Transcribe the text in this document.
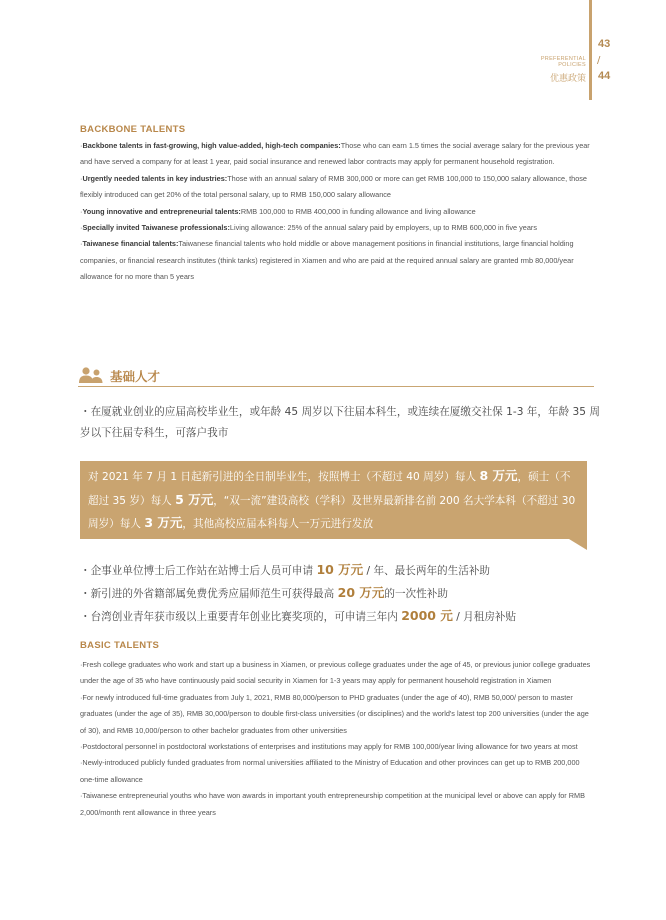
PREFERENTIAL
POLICIES
优惠政策
43
/
44
BACKBONE TALENTS

·Backbone talents in fast-growing, high value-added, high-tech companies:Those who can earn 1.5 times the social average salary for the previous year and have served a company for at least 1 year, paid social insurance and renewed labor contracts may apply for permanent household registration.

·Urgently needed talents in key industries:Those with an annual salary of RMB 300,000 or more can get RMB 100,000 to 150,000 salary allowance, those flexibly introduced can get 20% of the total personal salary, up to RMB 150,000 salary allowance

·Young innovative and entrepreneurial talents:RMB 100,000 to RMB 400,000 in funding allowance and living allowance

·Specially invited Taiwanese professionals:Living allowance: 25% of the annual salary paid by employers, up to RMB 600,000 in five years

·Taiwanese financial talents:Taiwanese financial talents who hold middle or above management positions in financial institutions, large financial holding companies, or financial research institutes (think tanks) registered in Xiamen and who are paid at the required annual salary are granted rmb 80,000/year allowance for no more than 5 years

基础人才
・在厦就业创业的应届高校毕业生，或年龄 45 周岁以下往届本科生，或连续在厦缴交社保 1-3 年，年龄 35 周岁以下往届专科生，可落户我市
对 2021 年 7 月 1 日起新引进的全日制毕业生，按照博士（不超过 40 周岁）每人 8 万元，硕士（不超过 35 岁）每人 5 万元，“双一流”建设高校（学科）及世界最新排名前 200 名大学本科（不超过 30 周岁）每人 3 万元，其他高校应届本科每人一万元进行发放
・企事业单位博士后工作站在站博士后人员可申请 10 万元 / 年、最长两年的生活补助
・新引进的外省籍部属免费优秀应届师范生可获得最高 20 万元的一次性补助
・台湾创业青年获市级以上重要青年创业比赛奖项的，可申请三年内 2000 元 / 月租房补贴
BASIC TALENTS

·Fresh college graduates who work and start up a business in Xiamen, or previous college graduates under the age of 45, or previous junior college graduates under the age of 35 who have continuously paid social security in Xiamen for 1-3 years may apply for permanent household registration in Xiamen

·For newly introduced full-time graduates from July 1, 2021, RMB 80,000/person to PHD graduates (under the age of 40), RMB 50,000/ person to master graduates (under the age of 35), RMB 30,000/person to double first-class universities (or disciplines) and the world's latest top 200 universities (under the age of 30), and RMB 10,000/person to other bachelor graduates from other universities

·Postdoctoral personnel in postdoctoral workstations of enterprises and institutions may apply for RMB 100,000/year living allowance for two years at most

·Newly-introduced publicly funded graduates from normal universities affiliated to the Ministry of Education and other provinces can get up to RMB 200,000 one-time allowance

·Taiwanese entrepreneurial youths who have won awards in important youth entrepreneurship competition at the municipal level or above can apply for RMB 2,000/month rent allowance in three years
